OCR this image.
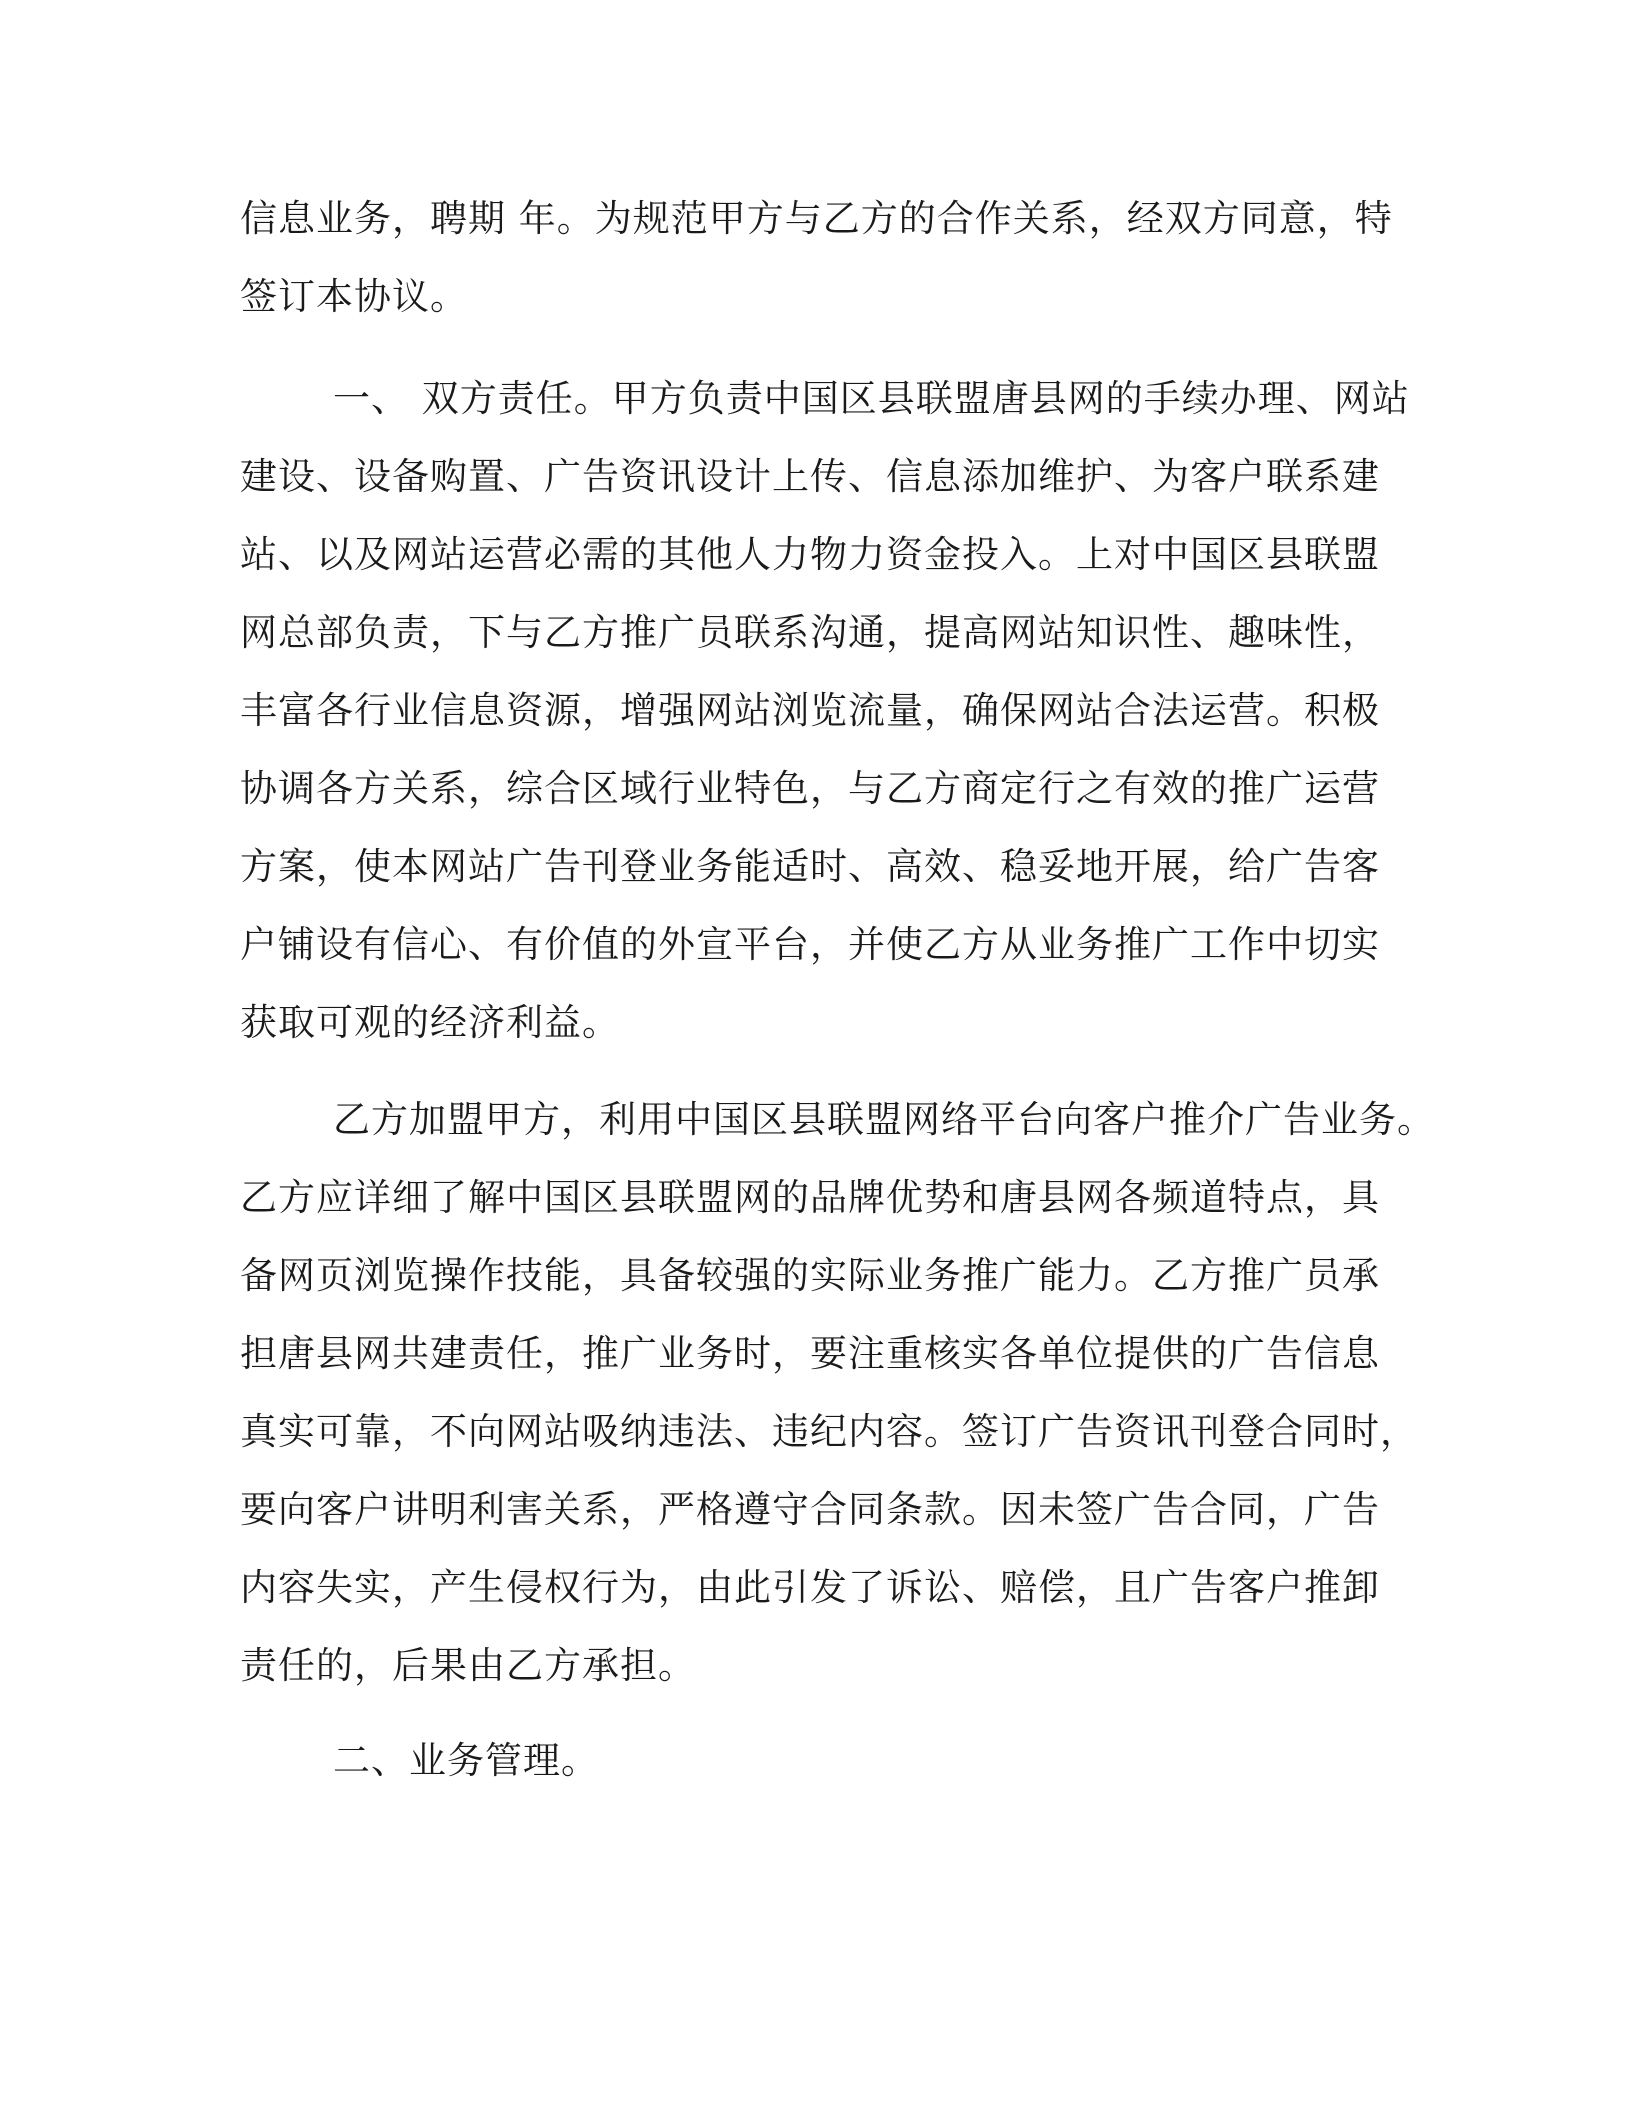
信息业务，聘期 年。为规范甲方与乙方的合作关系，经双方同意，特
签订本协议。
一、 双方责任。甲方负责中国区县联盟唐县网的手续办理、网站
建设、设备购置、广告资讯设计上传、信息添加维护、为客户联系建
站、以及网站运营必需的其他人力物力资金投入。上对中国区县联盟
网总部负责，下与乙方推广员联系沟通，提高网站知识性、趣味性，
丰富各行业信息资源，增强网站浏览流量，确保网站合法运营。积极
协调各方关系，综合区域行业特色，与乙方商定行之有效的推广运营
方案，使本网站广告刊登业务能适时、高效、稳妥地开展，给广告客
户铺设有信心、有价值的外宣平台，并使乙方从业务推广工作中切实
获取可观的经济利益。
乙方加盟甲方，利用中国区县联盟网络平台向客户推介广告业务。
乙方应详细了解中国区县联盟网的品牌优势和唐县网各频道特点，具
备网页浏览操作技能，具备较强的实际业务推广能力。乙方推广员承
担唐县网共建责任，推广业务时，要注重核实各单位提供的广告信息
真实可靠，不向网站吸纳违法、违纪内容。签订广告资讯刊登合同时，
要向客户讲明利害关系，严格遵守合同条款。因未签广告合同，广告
内容失实，产生侵权行为，由此引发了诉讼、赔偿，且广告客户推卸
责任的，后果由乙方承担。
二、业务管理。
